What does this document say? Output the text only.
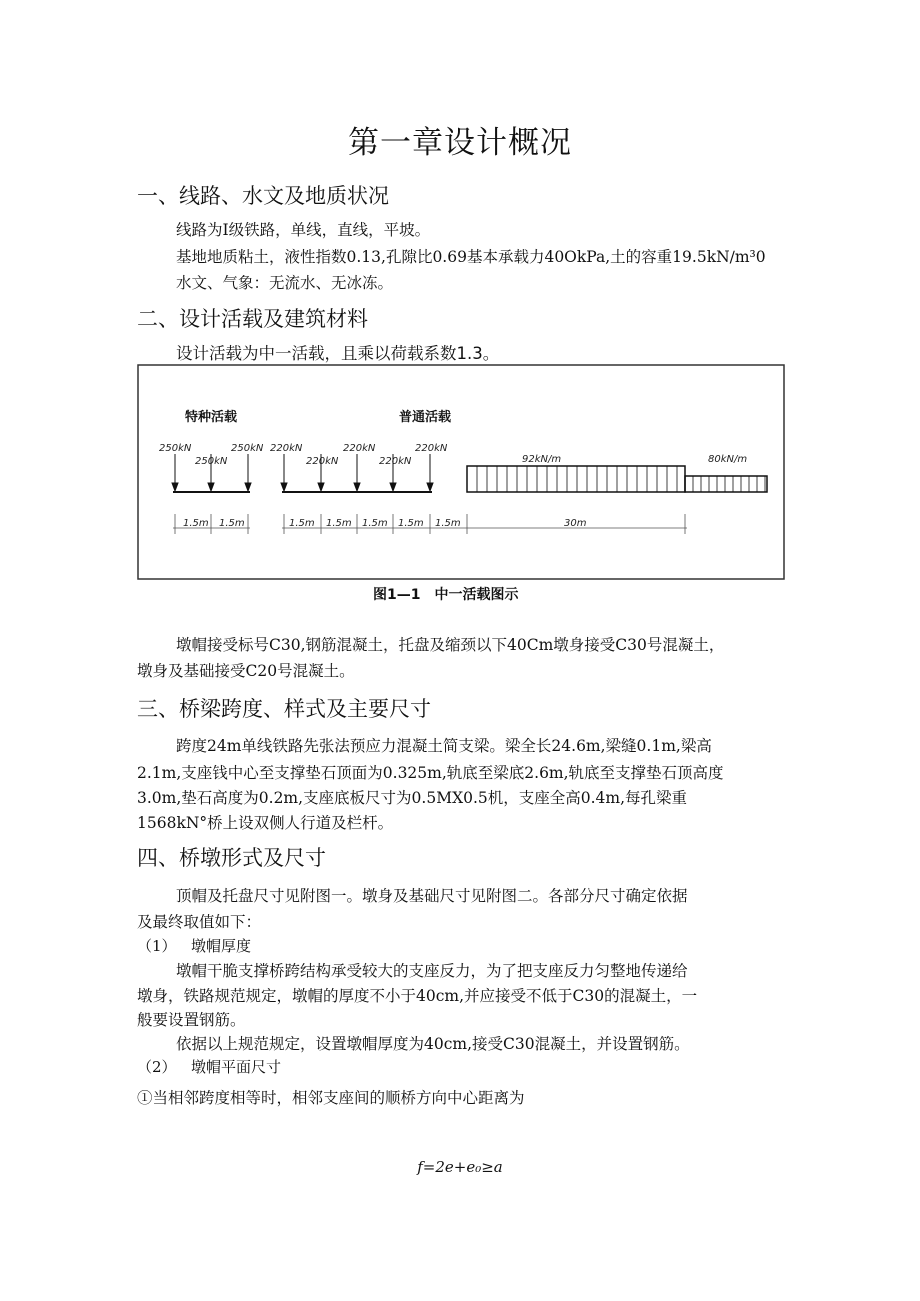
第一章设计概况
一、线路、水文及地质状况
线路为I级铁路，单线，直线，平坡。
基地地质粘土，液性指数0.13,孔隙比0.69基本承载力40OkPa,土的容重19.5kN∕m³0
水文、气象：无流水、无冰冻。
二、设计活载及建筑材料
设计活载为中一活载，且乘以荷载系数1.3。
特种活载	普通活载
250kN
250kN
250kN 220kN
220kN
220kN
220kN
220kN
92kN/m	80kN/m
1.5m 1.5m	1.5m 1.5m 1.5m 1.5m 1.5m	30m
图1—1　中一活载图示
墩帽接受标号C30,钢筋混凝土，托盘及缩颈以下40Cm墩身接受C30号混凝土，
墩身及基础接受C20号混凝土。
三、桥梁跨度、样式及主要尺寸
跨度24m单线铁路先张法预应力混凝土简支梁。梁全长24.6m,梁缝0.1m,梁高
2.1m,支座钱中心至支撑垫石顶面为0.325m,轨底至梁底2.6m,轨底至支撑垫石顶高度
3.0m,垫石高度为0.2m,支座底板尺寸为0.5MX0.5机，支座全高0.4m,每孔梁重
1568kN°桥上设双侧人行道及栏杆。
四、桥墩形式及尺寸
顶帽及托盘尺寸见附图一。墩身及基础尺寸见附图二。各部分尺寸确定依据
及最终取值如下：
（1） 墩帽厚度
墩帽干脆支撑桥跨结构承受较大的支座反力，为了把支座反力匀整地传递给
墩身，铁路规范规定，墩帽的厚度不小于40cm,并应接受不低于C30的混凝土，一
般要设置钢筋。
依据以上规范规定，设置墩帽厚度为40cm,接受C30混凝土，并设置钢筋。
（2） 墩帽平面尺寸
①当相邻跨度相等时，相邻支座间的顺桥方向中心距离为
f=2e+e₀≥a
